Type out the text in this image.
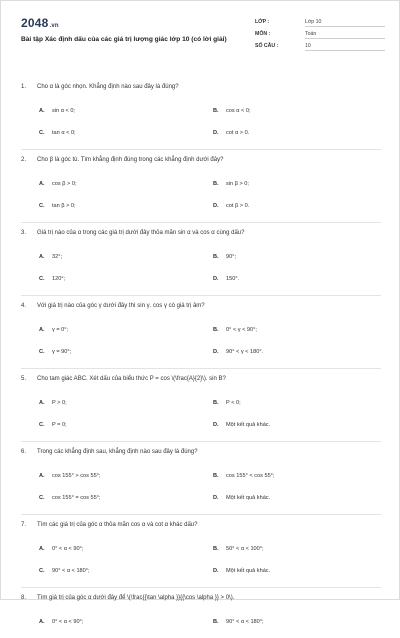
2048.vn
Bài tập Xác định dấu của các giá trị lượng giác lớp 10 (có lời giải)
LỚP :	Lớp 10
MÔN :	Toán
SỐ CÂU :	10
1.	Cho α là góc nhọn. Khẳng định nào sau đây là đúng?
A. sin α < 0;	B. cos α < 0;
C. tan α < 0;	D. cot α > 0.
2.	Cho β là góc tù. Tìm khẳng định đúng trong các khẳng định dưới đây?
A. cos β > 0;	B. sin β > 0;
C. tan β > 0;	D. cot β > 0.
3.	Giá trị nào của α trong các giá trị dưới đây thỏa mãn sin α và cos α cùng dấu?
A. 32°;	B. 90°;
C. 120°;	D. 150°.
4.	Với giá trị nào của góc γ dưới đây thì sin γ. cos γ có giá trị âm?
A. γ = 0°;	B. 0° < γ < 90°;
C. γ = 90°;	D. 90° < γ < 180°.
5.	Cho tam giác ABC. Xét dấu của biểu thức P = cos \(\frac{A}{2}\). sin B?
A. P > 0;	B. P < 0;
C. P = 0;	D. Một kết quả khác.
6.	Trong các khẳng định sau, khẳng định nào sau đây là đúng?
A. cos 155° > cos 55°;	B. cos 155° < cos 55°;
C. cos 155° = cos 55°;	D. Một kết quả khác.
7.	Tìm các giá trị của góc α thỏa mãn cos α và cot α khác dấu?
A. 0° < α < 90°;	B. 50° < α < 100°;
C. 90° < α < 180°;	D. Một kết quả khác.
8.	Tìm giá trị của góc α dưới đây để \(\frac{{\tan \alpha }}{{\cos \alpha }} > 0\).
A. 0° < α < 90°;	B. 90° < α < 180°;
